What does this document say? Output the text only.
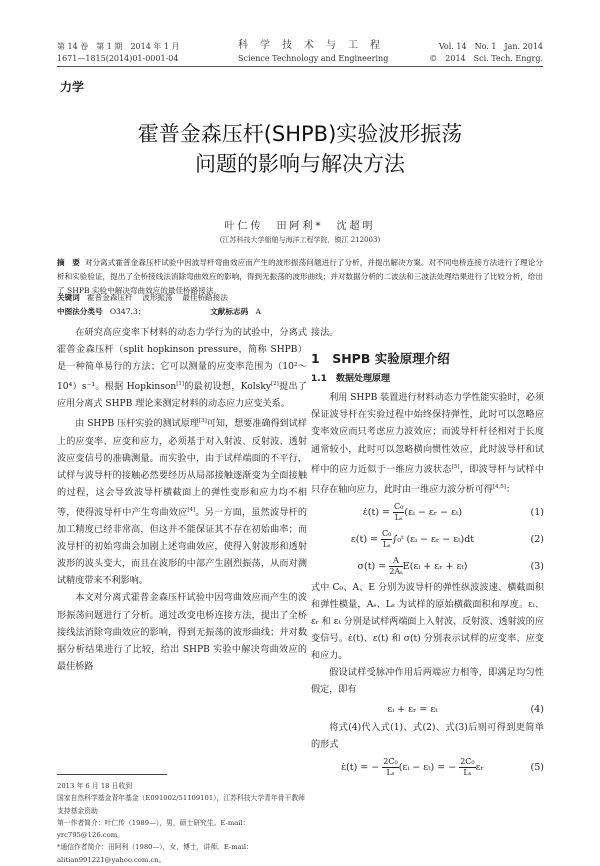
第 14 卷　第 1 期　2014 年 1 月
1671—1815(2014)01-0001-04
科　学　技　术　与　工　程
Science Technology and Engineering
Vol. 14　No. 1　Jan. 2014
©　2014　Sci. Tech. Engrg.
力学
霍普金森压杆(SHPB)实验波形振荡
问题的影响与解决方法
叶仁传　田阿利*　沈超明
(江苏科技大学船舶与海洋工程学院，镇江 212003)
摘　要 对分离式霍普金森压杆试验中因波导杆弯曲效应而产生的波形振荡问题进行了分析，并提出解决方案。对不同电桥连接方法进行了理论分析和实验验证，提出了全桥接线法消除弯曲效应的影响，得到无振荡的波形曲线；并对数据分析的二波法和三波法处理结果进行了比较分析，给出了 SHPB 实验中解决弯曲效应的最佳桥路接法。
关键词 霍普金森压杆 波形振荡 最佳桥路接法
中图法分类号 O347.3；	文献标志码 A

在研究高应变率下材料的动态力学行为的试验中，分离式霍普金森压杆（split hopkinson pressure，简称 SHPB）是一种简单易行的方法；它可以测量的应变率范围为（10²～10⁴）s⁻¹。根据 Hopkinson[1]的最初设想，Kolsky[2]提出了应用分离式 SHPB 理论来测定材料的动态应力应变关系。

由 SHPB 压杆实验的测试原理[3]可知，想要准确得到试样上的应变率、应变和应力，必须基于对入射波、反射波、透射波应变信号的准确测量。而实验中，由于试样端面的不平行，试样与波导杆的接触必然要经历从局部接触逐渐变为全面接触的过程，这会导致波导杆横截面上的弹性变形和应力均不相等，使得波导杆中产生弯曲效应[4]。另一方面，虽然波导杆的加工精度已经非常高，但这并不能保证其不存在初始曲率；而波导杆的初始弯曲会加剧上述弯曲效应，使得入射波形和透射波形的波头变大，而且在波形的中部产生剧烈振荡，从而对测试精度带来不利影响。

本文对分离式霍普金森压杆试验中因弯曲效应而产生的波形振荡问题进行了分析。通过改变电桥连接方法，提出了全桥接线法消除弯曲效应的影响，得到无振荡的波形曲线；并对数据分析结果进行了比较，给出 SHPB 实验中解决弯曲效应的最佳桥路

2013 年 6 月 18 日收到

国家自然科学基金青年基金（E091002/51109101），江苏科技大学青年骨干教师支持基金资助

第一作者简介：叶仁传（1989—），男，硕士研究生。E-mail：yrc795@126.com。

*通信作者简介：田阿利（1980—），女，博士，讲师。E-mail：alitian991221@yahoo.com.cn。

接法。

1　SHPB 实验原理介绍
1.1　数据处理原理

利用 SHPB 装置进行材料动态力学性能实验时，必须保证波导杆在实验过程中始终保持弹性，此时可以忽略应变率效应而只考虑应力波效应；而波导杆杆径相对于长度通常较小，此时可以忽略横向惯性效应，此时波导杆和试样中的应力近似于一维应力波状态[5]，即波导杆与试样中只存在轴向应力，此时由一维应力波分析可得[4,5]：

ε̇(t) = $\frac{\text{C₀}}{\text{Lₛ}}$ (εᵢ − εᵣ − εₜ)	(1)
$\varepsilon(t) = \frac{\text{C₀}}{\text{Lₛ}}$ ∫₀ᵗ (εᵢ − εᵣ − εₜ)dt	(2)
$\sigma(t) = \frac{A}{\text{2Aₛ}}$ E(εᵢ + εᵣ + εₜ)	(3)

式中 C₀、A、E 分别为波导杆的弹性纵波波速、横截面积和弹性模量，Aₛ、Lₛ 为试样的原始横截面积和厚度。εᵢ、εᵣ 和 εₜ 分别是试样两端面上入射波、反射波、透射波的应变信号。ε̇(t)、ε(t) 和 σ(t) 分别表示试样的应变率、应变和应力。

假设试样受脉冲作用后两端应力相等，即满足均匀性假定，即有

εᵢ + εᵣ = εₜ	(4)

将式(4)代入式(1)、式(2)、式(3)后则可得到更简单的形式

ε̇(t) = − $\frac{\text{2C₀}}{\text{Lₛ}}$ (εᵢ − εₜ) = − $\frac{\text{2C₀}}{\text{Lₛ}}$ εᵣ	(5)
